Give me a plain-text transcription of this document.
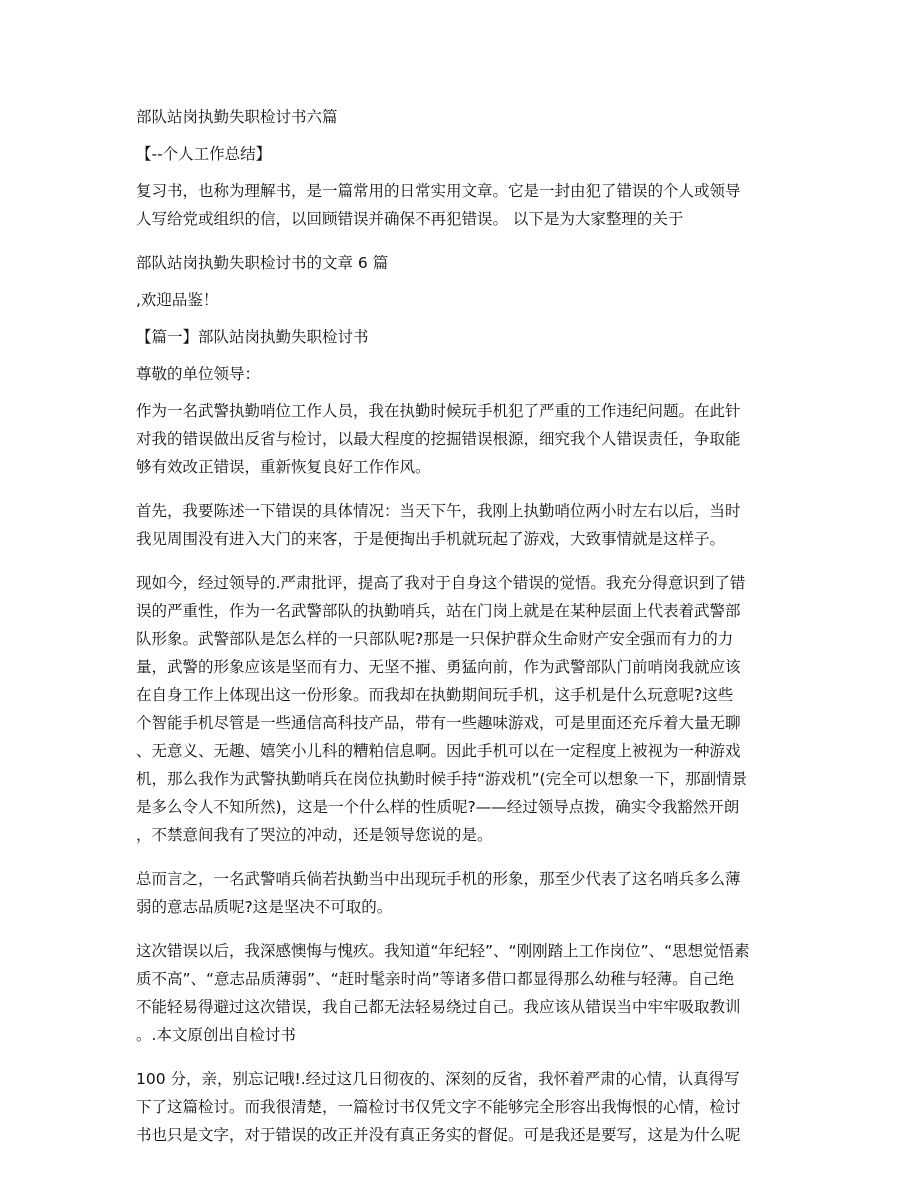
部队站岗执勤失职检讨书六篇

【--个人工作总结】

复习书，也称为理解书，是一篇常用的日常实用文章。它是一封由犯了错误的个人或领导

人写给党或组织的信，以回顾错误并确保不再犯错误。 以下是为大家整理的关于

部队站岗执勤失职检讨书的文章 6 篇

,欢迎品鉴！

【篇一】部队站岗执勤失职检讨书

尊敬的单位领导：

作为一名武警执勤哨位工作人员，我在执勤时候玩手机犯了严重的工作违纪问题。在此针

对我的错误做出反省与检讨，以最大程度的挖掘错误根源，细究我个人错误责任，争取能

够有效改正错误，重新恢复良好工作作风。

首先，我要陈述一下错误的具体情况：当天下午，我刚上执勤哨位两小时左右以后，当时

我见周围没有进入大门的来客，于是便掏出手机就玩起了游戏，大致事情就是这样子。

现如今，经过领导的.严肃批评，提高了我对于自身这个错误的觉悟。我充分得意识到了错

误的严重性，作为一名武警部队的执勤哨兵，站在门岗上就是在某种层面上代表着武警部

队形象。武警部队是怎么样的一只部队呢?那是一只保护群众生命财产安全强而有力的力

量，武警的形象应该是坚而有力、无坚不摧、勇猛向前，作为武警部队门前哨岗我就应该

在自身工作上体现出这一份形象。而我却在执勤期间玩手机，这手机是什么玩意呢?这些

个智能手机尽管是一些通信高科技产品，带有一些趣味游戏，可是里面还充斥着大量无聊

、无意义、无趣、嬉笑小儿科的糟粕信息啊。因此手机可以在一定程度上被视为一种游戏

机，那么我作为武警执勤哨兵在岗位执勤时候手持“游戏机”(完全可以想象一下，那副情景

是多么令人不知所然)，这是一个什么样的性质呢?——经过领导点拨，确实令我豁然开朗

，不禁意间我有了哭泣的冲动，还是领导您说的是。

总而言之，一名武警哨兵倘若执勤当中出现玩手机的形象，那至少代表了这名哨兵多么薄

弱的意志品质呢?这是坚决不可取的。

这次错误以后，我深感懊悔与愧疚。我知道“年纪轻”、“刚刚踏上工作岗位”、“思想觉悟素

质不高”、“意志品质薄弱”、“赶时髦亲时尚”等诸多借口都显得那么幼稚与轻薄。自己绝

不能轻易得避过这次错误，我自己都无法轻易绕过自己。我应该从错误当中牢牢吸取教训

。.本文原创出自检讨书

100 分，亲，别忘记哦!.经过这几日彻夜的、深刻的反省，我怀着严肃的心情，认真得写

下了这篇检讨。而我很清楚，一篇检讨书仅凭文字不能够完全形容出我悔恨的心情，检讨

书也只是文字，对于错误的改正并没有真正务实的督促。可是我还是要写，这是为什么呢
